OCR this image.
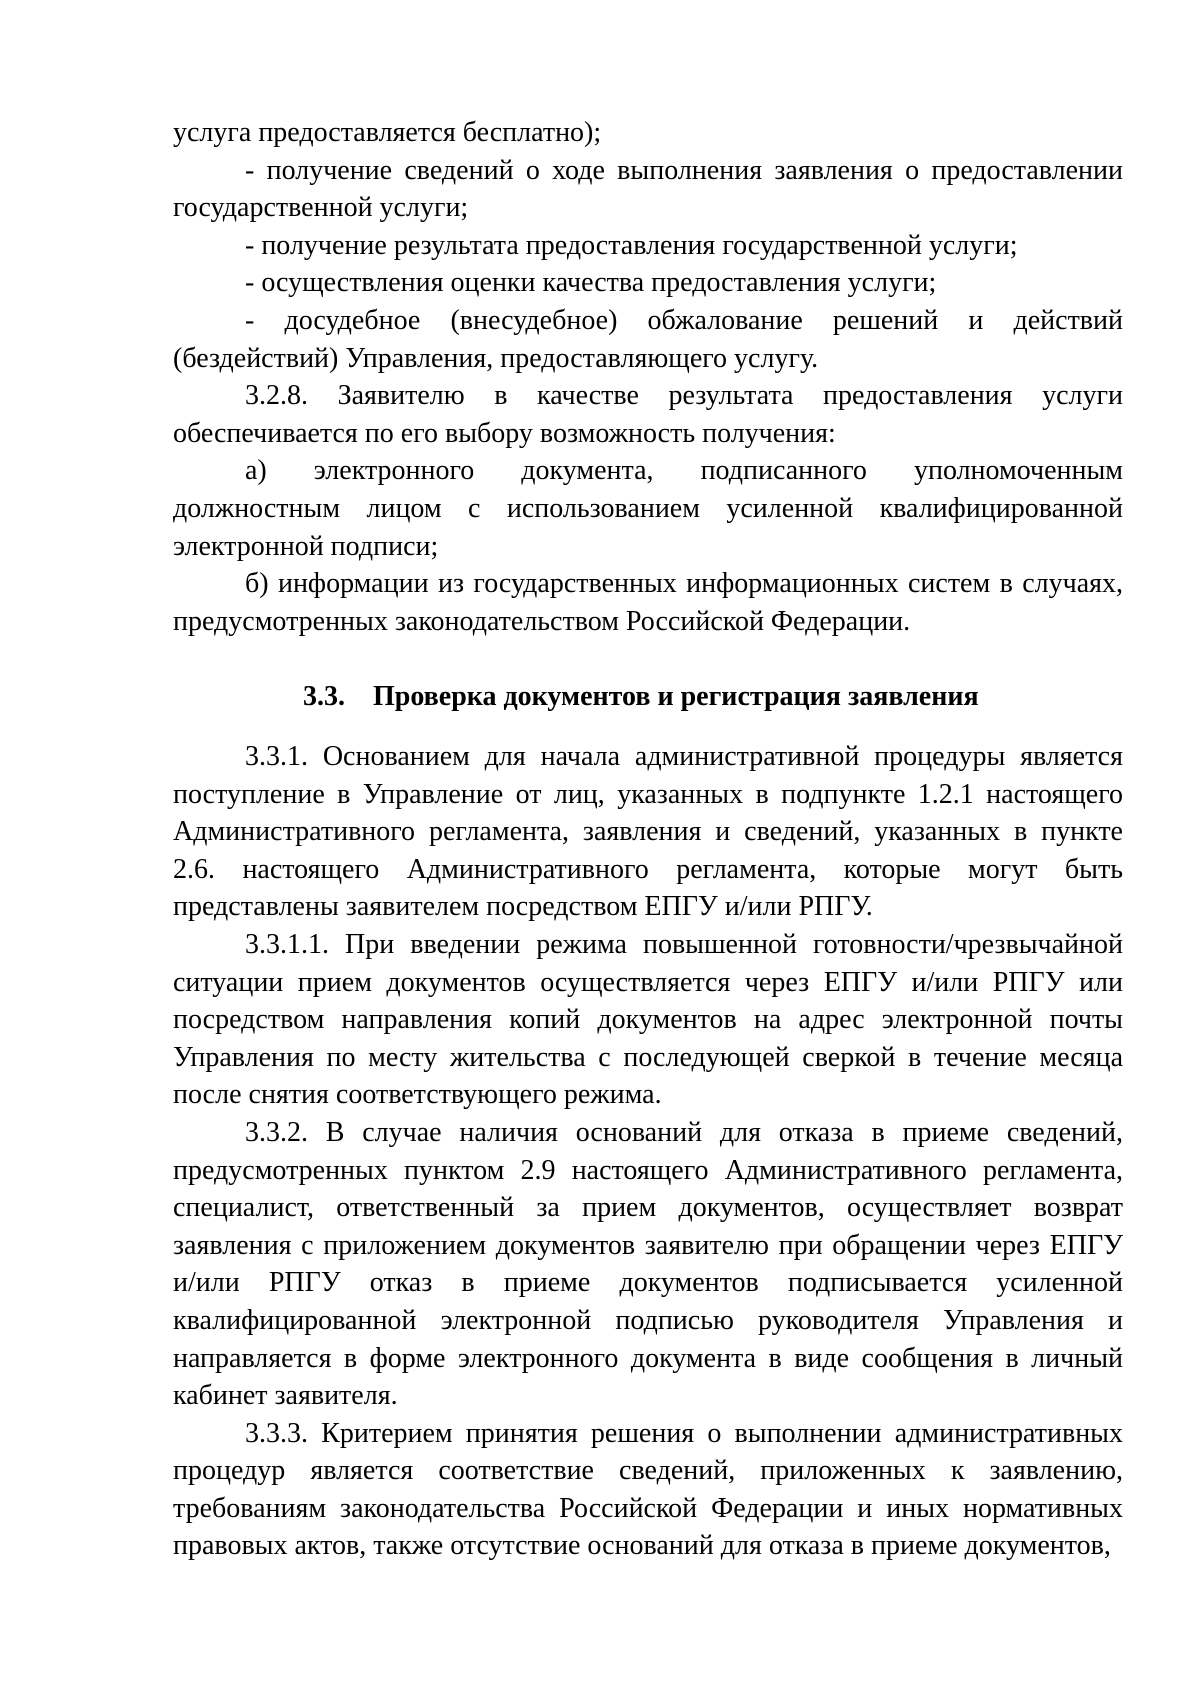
услуга предоставляется бесплатно);

- получение сведений о ходе выполнения заявления о предоставлении государственной услуги;

- получение результата предоставления государственной услуги;

- осуществления оценки качества предоставления услуги;

- досудебное (внесудебное) обжалование решений и действий (бездействий) Управления, предоставляющего услугу.

3.2.8. Заявителю в качестве результата предоставления услуги обеспечивается по его выбору возможность получения:

а) электронного документа, подписанного уполномоченным должностным лицом с использованием усиленной квалифицированной электронной подписи;

б) информации из государственных информационных систем в случаях, предусмотренных законодательством Российской Федерации.

3.3. Проверка документов и регистрация заявления

3.3.1. Основанием для начала административной процедуры является поступление в Управление от лиц, указанных в подпункте 1.2.1 настоящего Административного регламента, заявления и сведений, указанных в пункте 2.6. настоящего Административного регламента, которые могут быть представлены заявителем посредством ЕПГУ и/или РПГУ.

3.3.1.1. При введении режима повышенной готовности/чрезвычайной ситуации прием документов осуществляется через ЕПГУ и/или РПГУ или посредством направления копий документов на адрес электронной почты Управления по месту жительства с последующей сверкой в течение месяца после снятия соответствующего режима.

3.3.2. В случае наличия оснований для отказа в приеме сведений, предусмотренных пунктом 2.9 настоящего Административного регламента, специалист, ответственный за прием документов, осуществляет возврат заявления с приложением документов заявителю при обращении через ЕПГУ и/или РПГУ отказ в приеме документов подписывается усиленной квалифицированной электронной подписью руководителя Управления и направляется в форме электронного документа в виде сообщения в личный кабинет заявителя.

3.3.3. Критерием принятия решения о выполнении административных процедур является соответствие сведений, приложенных к заявлению, требованиям законодательства Российской Федерации и иных нормативных правовых актов, также отсутствие оснований для отказа в приеме документов,
